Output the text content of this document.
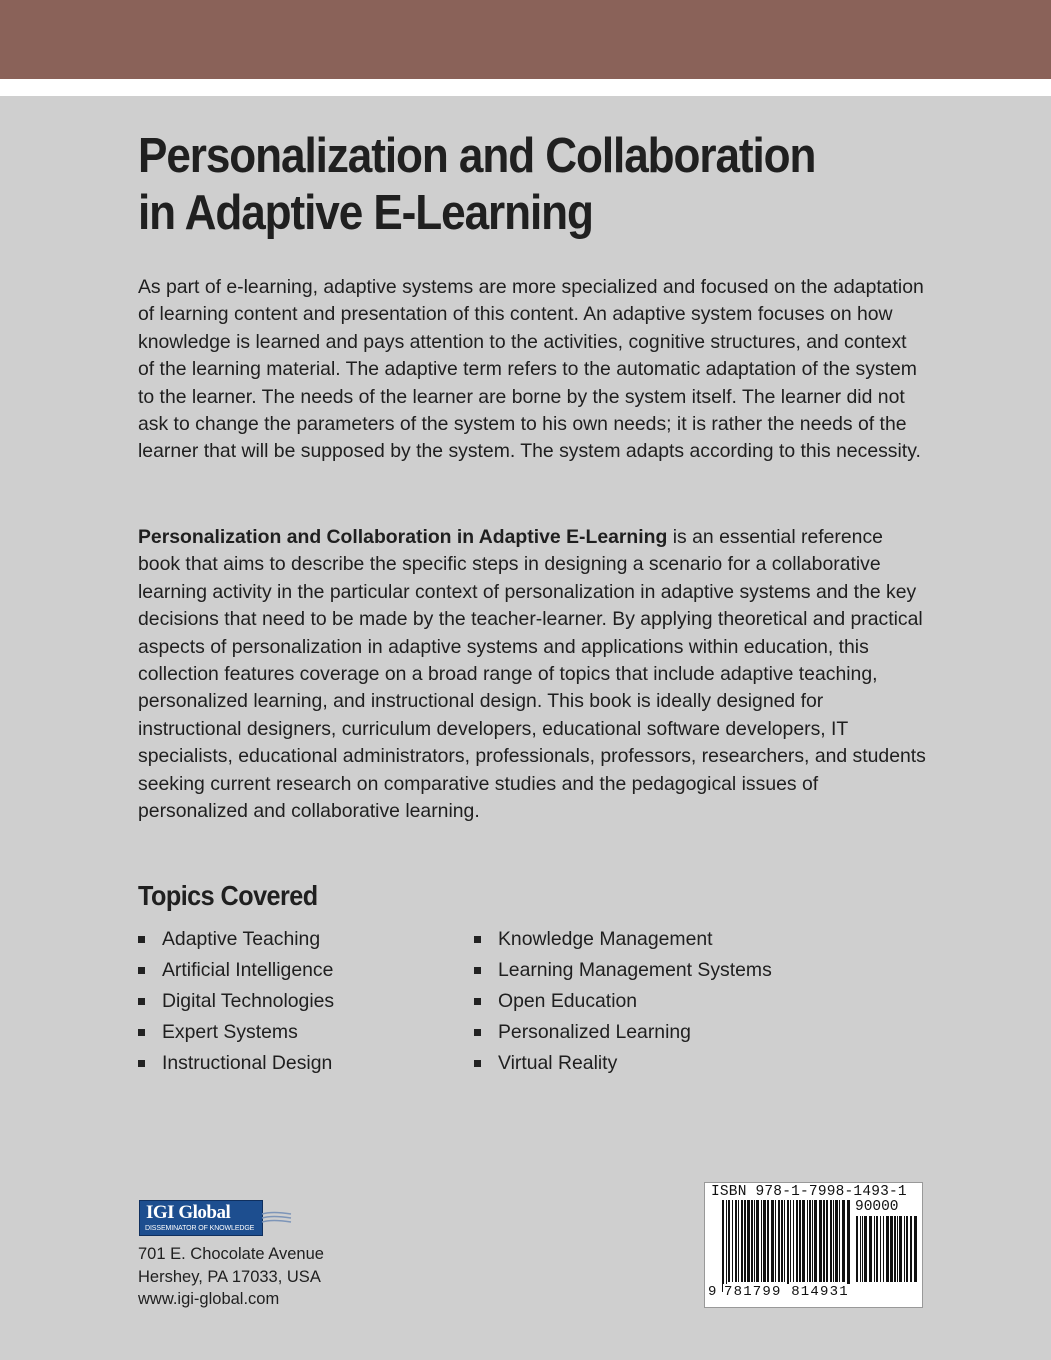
Personalization and Collaboration
in Adaptive E-Learning

As part of e-learning, adaptive systems are more specialized and focused on the adaptation of learning content and presentation of this content. An adaptive system focuses on how knowledge is learned and pays attention to the activities, cognitive structures, and context of the learning material. The adaptive term refers to the automatic adaptation of the system to the learner. The needs of the learner are borne by the system itself. The learner did not ask to change the parameters of the system to his own needs; it is rather the needs of the learner that will be supposed by the system. The system adapts according to this necessity.

Personalization and Collaboration in Adaptive E-Learning is an essential reference book that aims to describe the specific steps in designing a scenario for a collaborative learning activity in the particular context of personalization in adaptive systems and the key decisions that need to be made by the teacher-learner. By applying theoretical and practical aspects of personalization in adaptive systems and applications within education, this collection features coverage on a broad range of topics that include adaptive teaching, personalized learning, and instructional design. This book is ideally designed for instructional designers, curriculum developers, educational software developers, IT specialists, educational administrators, professionals, professors, researchers, and students seeking current research on comparative studies and the pedagogical issues of personalized and collaborative learning.

Topics Covered
Adaptive Teaching
Artificial Intelligence
Digital Technologies
Expert Systems
Instructional Design
Knowledge Management
Learning Management Systems
Open Education
Personalized Learning
Virtual Reality
IGI Global
DISSEMINATOR OF KNOWLEDGE
701 E. Chocolate Avenue
Hershey, PA 17033, USA
www.igi-global.com
ISBN 978-1-7998-1493-1
90000
9 781799 814931
